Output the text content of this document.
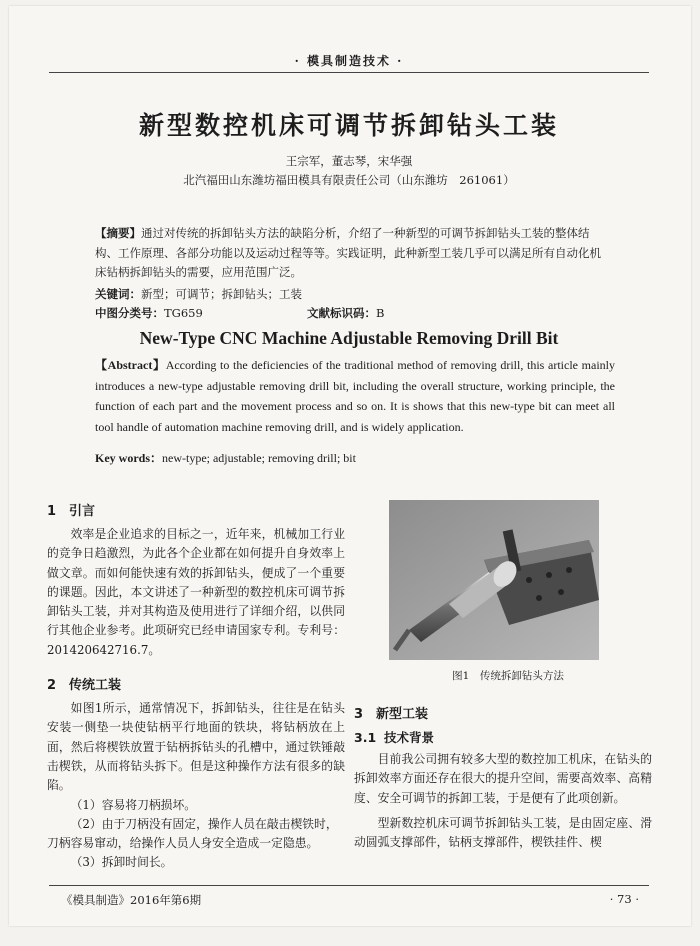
· 模具制造技术 ·
新型数控机床可调节拆卸钻头工装
王宗军，董志琴，宋华强
北汽福田山东潍坊福田模具有限责任公司（山东潍坊　261061）
【摘要】通过对传统的拆卸钻头方法的缺陷分析，介绍了一种新型的可调节拆卸钻头工装的整体结构、工作原理、各部分功能以及运动过程等等。实践证明，此种新型工装几乎可以满足所有自动化机床钻柄拆卸钻头的需要，应用范围广泛。
关键词：新型；可调节；拆卸钻头；工装
中图分类号：TG659	文献标识码：B
New-Type CNC Machine Adjustable Removing Drill Bit
【Abstract】According to the deficiencies of the traditional method of removing drill, this article mainly introduces a new-type adjustable removing drill bit, including the overall structure, working principle, the function of each part and the movement process and so on. It is shows that this new-type bit can meet all tool handle of automation machine removing drill, and is widely application.
Key words：new-type; adjustable; removing drill; bit
1 引言

效率是企业追求的目标之一，近年来，机械加工行业的竞争日趋激烈，为此各个企业都在如何提升自身效率上做文章。而如何能快速有效的拆卸钻头，便成了一个重要的课题。因此，本文讲述了一种新型的数控机床可调节拆卸钻头工装，并对其构造及使用进行了详细介绍，以供同行其他企业参考。此项研究已经申请国家专利。专利号：201420642716.7。

2 传统工装

如图1所示，通常情况下，拆卸钻头，往往是在钻头安装一侧垫一块使钻柄平行地面的铁块，将钻柄放在上面，然后将楔铁放置于钻柄拆钻头的孔槽中，通过铁锤敲击楔铁，从而将钻头拆下。但是这种操作方法有很多的缺陷。

（1）容易将刀柄损坏。

（2）由于刀柄没有固定，操作人员在敲击楔铁时，刀柄容易窜动，给操作人员人身安全造成一定隐患。

（3）拆卸时间长。

图1　传统拆卸钻头方法

3 新型工装
3.1 技术背景

目前我公司拥有较多大型的数控加工机床，在钻头的拆卸效率方面还存在很大的提升空间，需要高效率、高精度、安全可调节的拆卸工装，于是便有了此项创新。

型新数控机床可调节拆卸钻头工装，是由固定座、滑动圆弧支撑部件，钻柄支撑部件，楔铁挂件、楔

《模具制造》2016年第6期	· 73 ·
